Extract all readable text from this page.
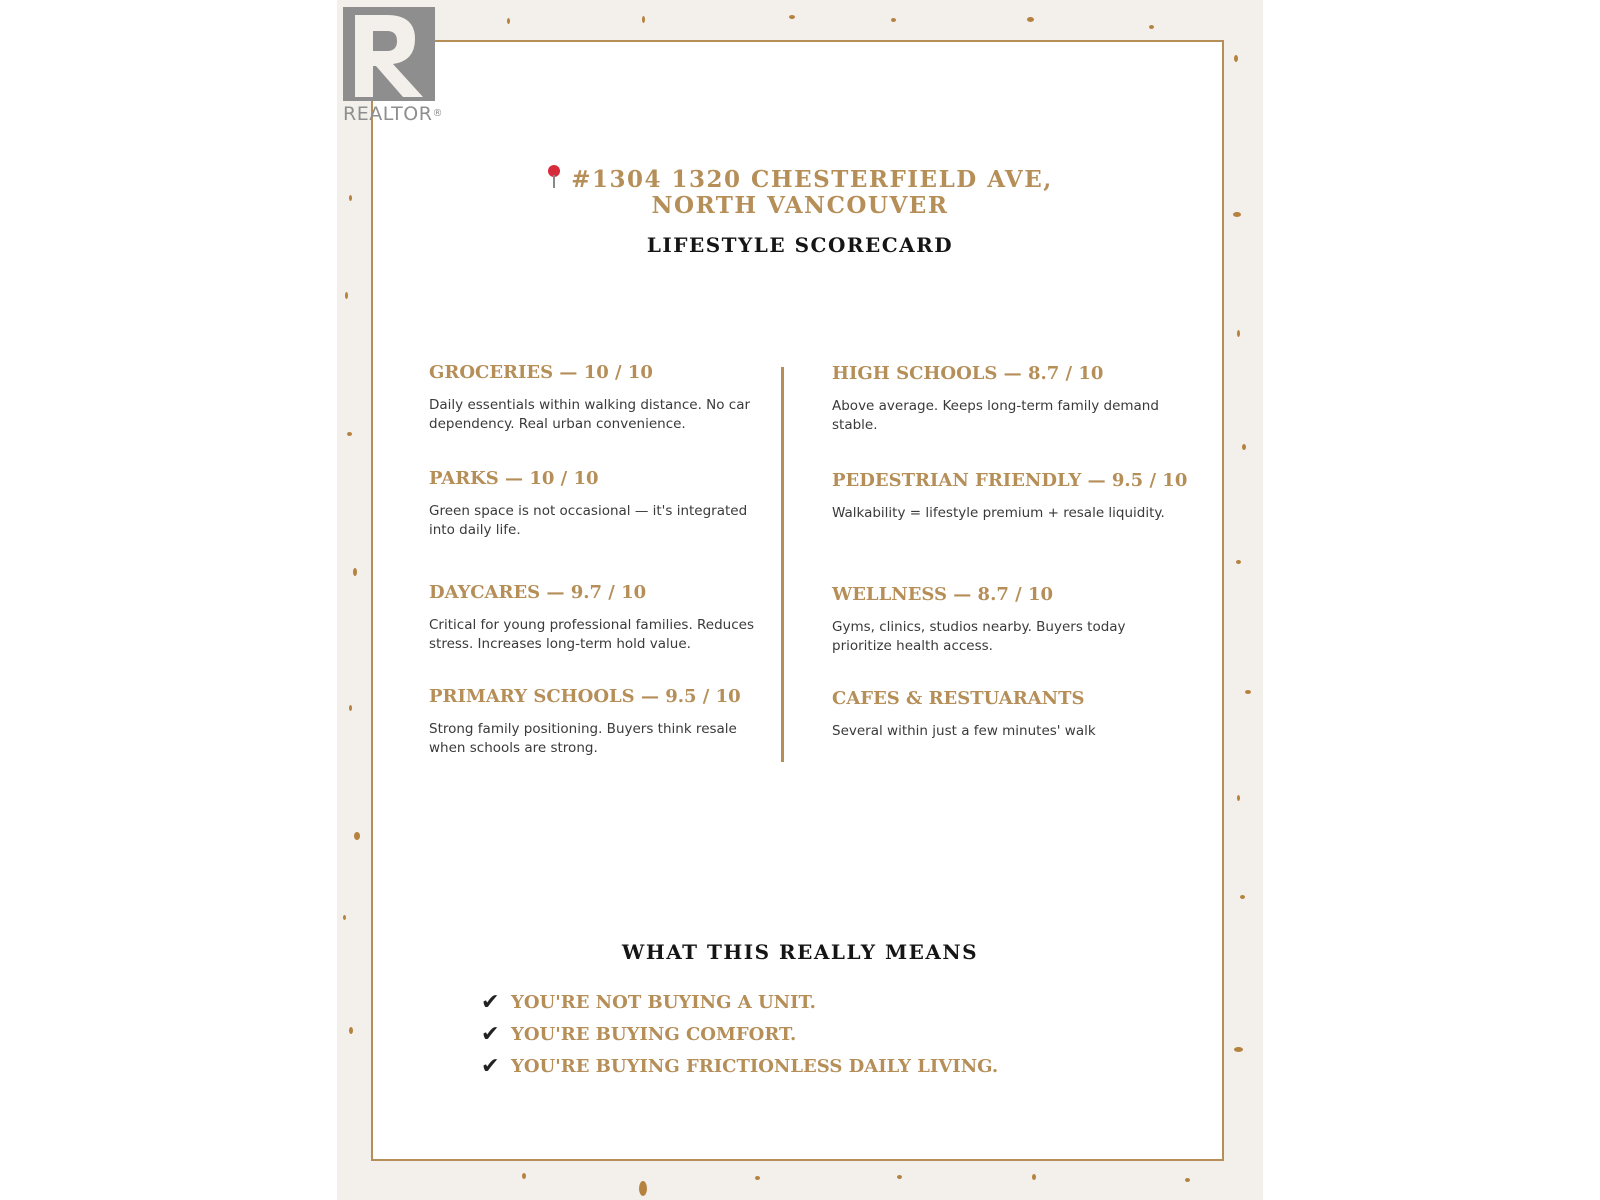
REALTOR®
#1304 1320 CHESTERFIELD AVE,
NORTH VANCOUVER
LIFESTYLE SCORECARD
GROCERIES — 10 / 10
Daily essentials within walking distance. No car dependency. Real urban convenience.
PARKS — 10 / 10
Green space is not occasional — it's integrated into daily life.
DAYCARES — 9.7 / 10
Critical for young professional families. Reduces stress. Increases long-term hold value.
PRIMARY SCHOOLS — 9.5 / 10
Strong family positioning. Buyers think resale when schools are strong.
HIGH SCHOOLS — 8.7 / 10
Above average. Keeps long-term family demand stable.
PEDESTRIAN FRIENDLY — 9.5 / 10
Walkability = lifestyle premium + resale liquidity.
WELLNESS — 8.7 / 10
Gyms, clinics, studios nearby. Buyers today prioritize health access.
CAFES & RESTUARANTS
Several within just a few minutes' walk
WHAT THIS REALLY MEANS
✔ YOU'RE NOT BUYING A UNIT.
✔ YOU'RE BUYING COMFORT.
✔ YOU'RE BUYING FRICTIONLESS DAILY LIVING.
